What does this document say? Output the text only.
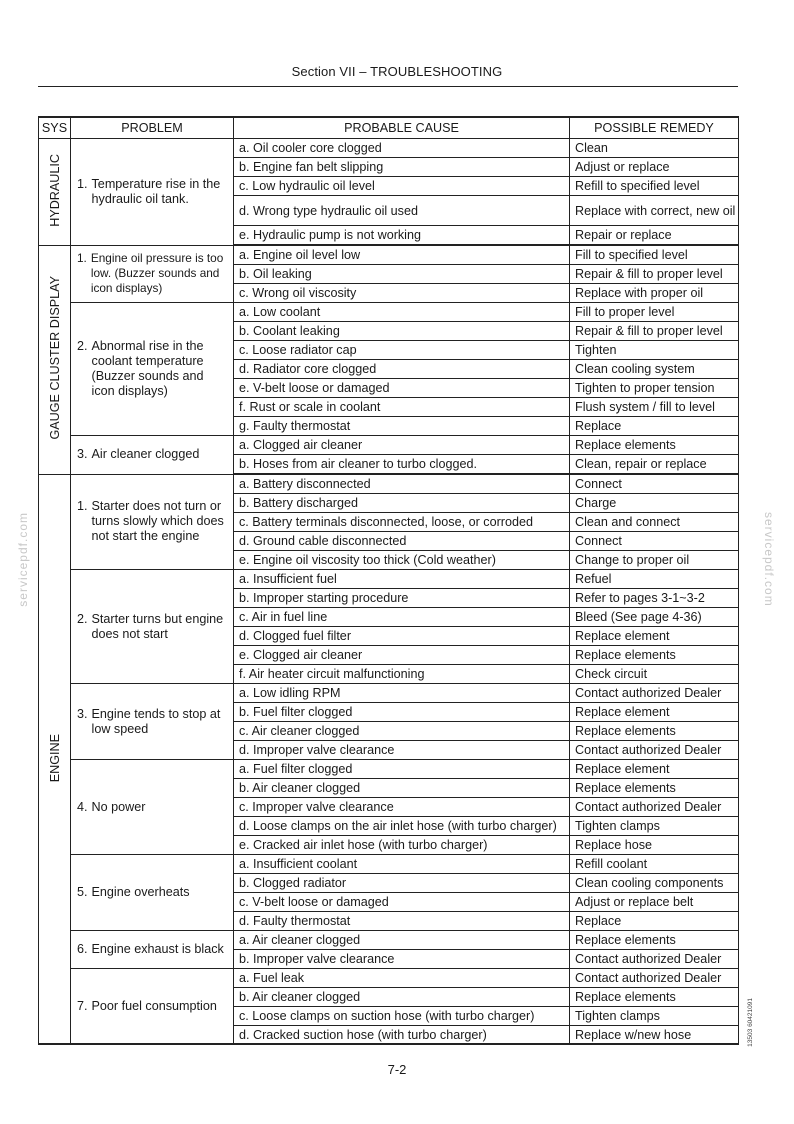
Section VII – TROUBLESHOOTING
servicepdf.com	servicepdf.com
SYS	PROBLEM	PROBABLE CAUSE	POSSIBLE REMEDY
HYDRAULIC	1. Temperature rise in the hydraulic oil tank.	a. Oil cooler core clogged	Clean
		b. Engine fan belt slipping	Adjust or replace
		c. Low hydraulic oil level	Refill to specified level
		d. Wrong type hydraulic oil used	Replace with correct, new oil
		e. Hydraulic pump is not working	Repair or replace
GAUGE CLUSTER DISPLAY	1. Engine oil pressure is too low. (Buzzer sounds and icon displays)	a. Engine oil level low	Fill to specified level
		b. Oil leaking	Repair & fill to proper level
		c. Wrong oil viscosity	Replace with proper oil

	2. Abnormal rise in the coolant temperature (Buzzer sounds and icon displays)	a. Low coolant	Fill to proper level
		b. Coolant leaking	Repair & fill to proper level
		c. Loose radiator cap	Tighten
		d. Radiator core clogged	Clean cooling system
		e. V-belt loose or damaged	Tighten to proper tension
		f. Rust or scale in coolant	Flush system / fill to level
		g. Faulty thermostat	Replace

	3. Air cleaner clogged	a. Clogged air cleaner	Replace elements
		b. Hoses from air cleaner to turbo clogged.	Clean, repair or replace
ENGINE	1. Starter does not turn or turns slowly which does not start the engine	a. Battery disconnected	Connect
		b. Battery discharged	Charge
		c. Battery terminals disconnected, loose, or corroded	Clean and connect
		d. Ground cable disconnected	Connect
		e. Engine oil viscosity too thick (Cold weather)	Change to proper oil

	2. Starter turns but engine does not start	a. Insufficient fuel	Refuel
		b. Improper starting procedure	Refer to pages 3-1~3-2
		c. Air in fuel line	Bleed (See page 4-36)
		d. Clogged fuel filter	Replace element
		e. Clogged air cleaner	Replace elements
		f. Air heater circuit malfunctioning	Check circuit

	3. Engine tends to stop at low speed	a. Low idling RPM	Contact authorized Dealer
		b. Fuel filter clogged	Replace element
		c. Air cleaner clogged	Replace elements
		d. Improper valve clearance	Contact authorized Dealer

	4. No power	a. Fuel filter clogged	Replace element
		b. Air cleaner clogged	Replace elements
		c. Improper valve clearance	Contact authorized Dealer
		d. Loose clamps on the air inlet hose (with turbo charger)	Tighten clamps
		e. Cracked air inlet hose (with turbo charger)	Replace hose

	5. Engine overheats	a. Insufficient coolant	Refill coolant
		b. Clogged radiator	Clean cooling components
		c. V-belt loose or damaged	Adjust or replace belt
		d. Faulty thermostat	Replace

	6. Engine exhaust is black	a. Air cleaner clogged	Replace elements
		b. Improper valve clearance	Contact authorized Dealer

	7. Poor fuel consumption	a. Fuel leak	Contact authorized Dealer
		b. Air cleaner clogged	Replace elements
		c. Loose clamps on suction hose (with turbo charger)	Tighten clamps
		d. Cracked suction hose (with turbo charger)	Replace w/new hose
7-2
13503 60421091
